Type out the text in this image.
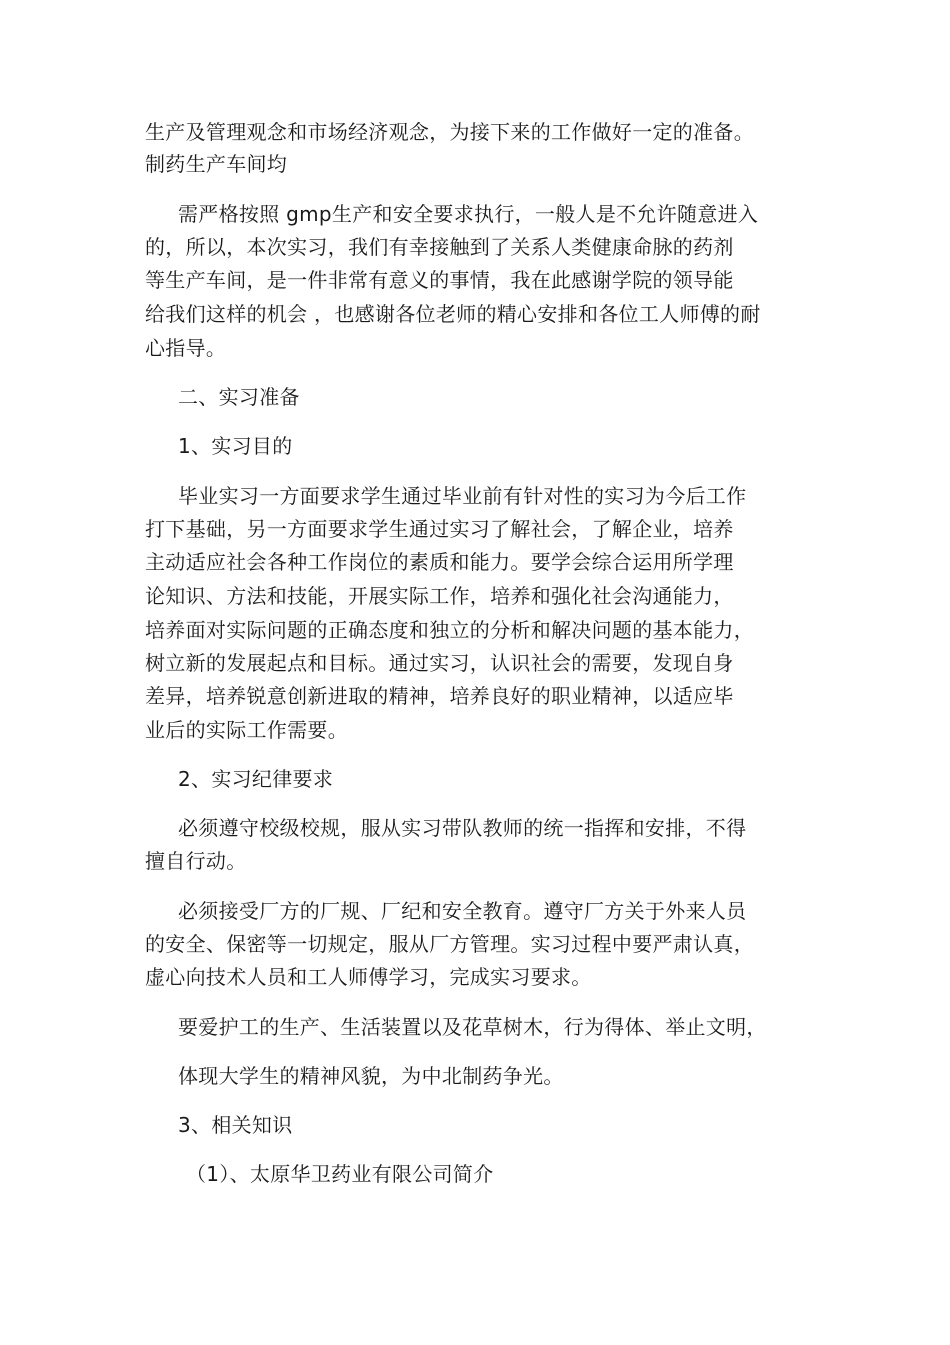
生产及管理观念和市场经济观念，为接下来的工作做好一定的准备。
制药生产车间均
需严格按照 gmp生产和安全要求执行，一般人是不允许随意进入
的，所以，本次实习，我们有幸接触到了关系人类健康命脉的药剂
等生产车间，是一件非常有意义的事情，我在此感谢学院的领导能
给我们这样的机会 ，也感谢各位老师的精心安排和各位工人师傅的耐
心指导。
二、实习准备
1、实习目的
毕业实习一方面要求学生通过毕业前有针对性的实习为今后工作
打下基础，另一方面要求学生通过实习了解社会，了解企业，培养
主动适应社会各种工作岗位的素质和能力。要学会综合运用所学理
论知识、方法和技能，开展实际工作，培养和强化社会沟通能力，
培养面对实际问题的正确态度和独立的分析和解决问题的基本能力，
树立新的发展起点和目标。通过实习，认识社会的需要，发现自身
差异，培养锐意创新进取的精神，培养良好的职业精神，以适应毕
业后的实际工作需要。
2、实习纪律要求
必须遵守校级校规，服从实习带队教师的统一指挥和安排，不得
擅自行动。
必须接受厂方的厂规、厂纪和安全教育。遵守厂方关于外来人员
的安全、保密等一切规定，服从厂方管理。实习过程中要严肃认真，
虚心向技术人员和工人师傅学习，完成实习要求。
要爱护工的生产、生活装置以及花草树木，行为得体、举止文明，
体现大学生的精神风貌，为中北制药争光。
3、相关知识
（1）、太原华卫药业有限公司简介
